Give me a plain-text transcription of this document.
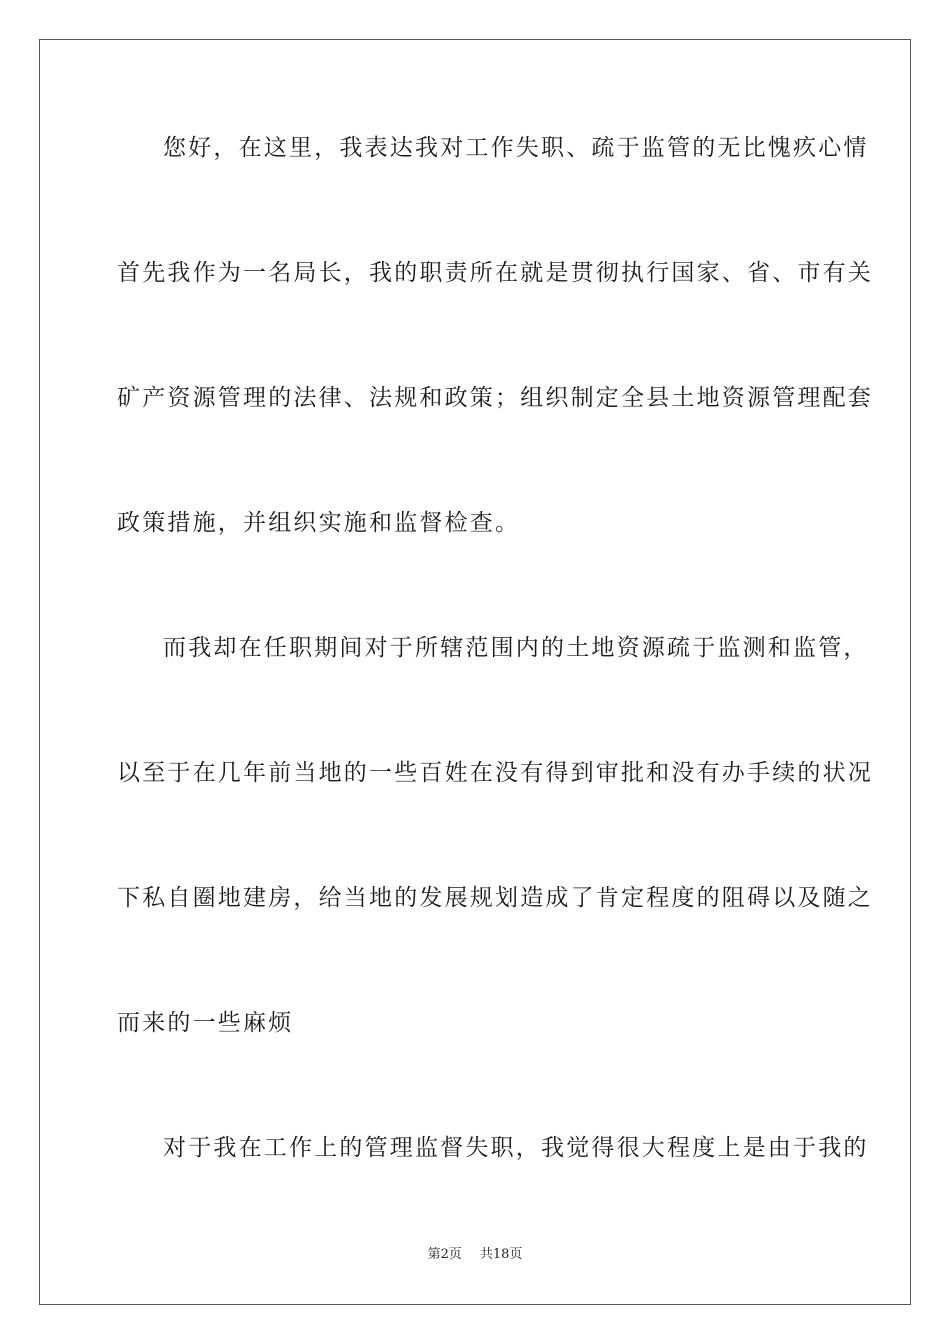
您好，在这里，我表达我对工作失职、疏于监管的无比愧疚心情
首先我作为一名局长，我的职责所在就是贯彻执行国家、省、市有关
矿产资源管理的法律、法规和政策；组织制定全县土地资源管理配套
政策措施，并组织实施和监督检查。
而我却在任职期间对于所辖范围内的土地资源疏于监测和监管，
以至于在几年前当地的一些百姓在没有得到审批和没有办手续的状况
下私自圈地建房，给当地的发展规划造成了肯定程度的阻碍以及随之
而来的一些麻烦
对于我在工作上的管理监督失职，我觉得很大程度上是由于我的
第2页 共18页
